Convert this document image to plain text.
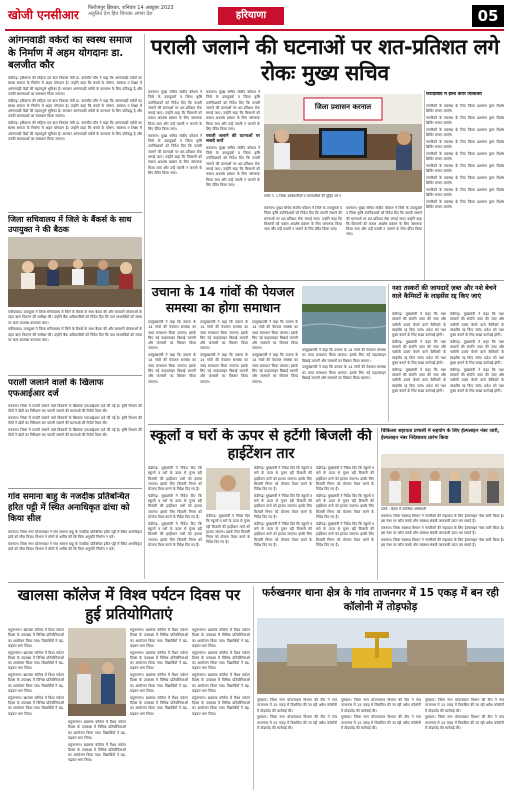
खोजी एनसीआर फिरोजपुर झिरका, शनिवार 14 अक्टूबर 2023
अतुलित देश हित चिन्तक अपना देश	हरियाणा	05
आंगनवाडी वर्करों का स्वस्थ समाज के निर्माण में अहम योगदानः डा. बलजीत कौर

चंडीगढ़। हरियाणा की महिला एवं बाल विकास मंत्री डा. बलजीत कौर ने कहा कि आंगनवाड़ी वर्करों का स्वस्थ समाज के निर्माण में अहम योगदान है। उन्होंने कहा कि बच्चों के पोषण, स्वास्थ्य व शिक्षा में आंगनवाड़ी केंद्रों की महत्वपूर्ण भूमिका है। सरकार आंगनवाड़ी वर्करों के कल्याण के लिए प्रतिबद्ध है और उनकी समस्याओं का समाधान किया जाएगा।

चंडीगढ़। हरियाणा की महिला एवं बाल विकास मंत्री डा. बलजीत कौर ने कहा कि आंगनवाड़ी वर्करों का स्वस्थ समाज के निर्माण में अहम योगदान है। उन्होंने कहा कि बच्चों के पोषण, स्वास्थ्य व शिक्षा में आंगनवाड़ी केंद्रों की महत्वपूर्ण भूमिका है। सरकार आंगनवाड़ी वर्करों के कल्याण के लिए प्रतिबद्ध है और उनकी समस्याओं का समाधान किया जाएगा।

चंडीगढ़। हरियाणा की महिला एवं बाल विकास मंत्री डा. बलजीत कौर ने कहा कि आंगनवाड़ी वर्करों का स्वस्थ समाज के निर्माण में अहम योगदान है। उन्होंने कहा कि बच्चों के पोषण, स्वास्थ्य व शिक्षा में आंगनवाड़ी केंद्रों की महत्वपूर्ण भूमिका है। सरकार आंगनवाड़ी वर्करों के कल्याण के लिए प्रतिबद्ध है और उनकी समस्याओं का समाधान किया जाएगा।

जिला सचिवालय में जिले के बैंकर्स के साथ उपायुक्त ने की बैठक

फरीदाबाद। उपायुक्त ने जिला सचिवालय में जिले के बैंकर्स के साथ बैठक की और सरकारी योजनाओं के तहत ऋण वितरण की समीक्षा की। उन्होंने बैंक अधिकारियों को निर्देश दिए कि पात्र लाभार्थियों को समय पर ऋण उपलब्ध करवाया जाए।

फरीदाबाद। उपायुक्त ने जिला सचिवालय में जिले के बैंकर्स के साथ बैठक की और सरकारी योजनाओं के तहत ऋण वितरण की समीक्षा की। उन्होंने बैंक अधिकारियों को निर्देश दिए कि पात्र लाभार्थियों को समय पर ऋण उपलब्ध करवाया जाए।

पराली जलाने वालों के खिलाफ एफआईआर दर्ज

करनाल। जिला में पराली जलाने वाले किसानों के खिलाफ एफआईआर दर्ज की गई है। कृषि विभाग की टीमों ने खेतों का निरीक्षण कर पराली जलाने की घटनाओं की रिपोर्ट तैयार की।

करनाल। जिला में पराली जलाने वाले किसानों के खिलाफ एफआईआर दर्ज की गई है। कृषि विभाग की टीमों ने खेतों का निरीक्षण कर पराली जलाने की घटनाओं की रिपोर्ट तैयार की।

करनाल। जिला में पराली जलाने वाले किसानों के खिलाफ एफआईआर दर्ज की गई है। कृषि विभाग की टीमों ने खेतों का निरीक्षण कर पराली जलाने की घटनाओं की रिपोर्ट तैयार की।

गांव समाना बाहु के नजदीक प्रतिबन्धित हरित पट्टी में स्थित अनाधिकृत ढांचा को किया सील

करनाल। जिला नगर योजनाकार ने गांव समाना बाहु के नजदीक प्रतिबंधित हरित पट्टी में स्थित अनाधिकृत ढांचे को सील किया। विभाग ने लोगों से अपील की कि बिना अनुमति निर्माण न करें।

करनाल। जिला नगर योजनाकार ने गांव समाना बाहु के नजदीक प्रतिबंधित हरित पट्टी में स्थित अनाधिकृत ढांचे को सील किया। विभाग ने लोगों से अपील की कि बिना अनुमति निर्माण न करें।

पराली जलाने की घटनाओं पर शत-प्रतिशत लगे रोकः मुख्य सचिव

करनाल। मुख्य सचिव संजीव कौशल ने जिले के उपायुक्तों व जिला कृषि उपनिदेशकों को निर्देश दिए कि पराली जलाने की घटनाओं पर शत-प्रतिशत रोक लगाई जाए। उन्होंने कहा कि किसानों को फसल अवशेष प्रबंधन के लिए जागरूक किया जाए और उन्हें पराली न जलाने के लिए प्रेरित किया जाए।

करनाल। मुख्य सचिव संजीव कौशल ने जिले के उपायुक्तों व जिला कृषि उपनिदेशकों को निर्देश दिए कि पराली जलाने की घटनाओं पर शत-प्रतिशत रोक लगाई जाए। उन्होंने कहा कि किसानों को फसल अवशेष प्रबंधन के लिए जागरूक किया जाए और उन्हें पराली न जलाने के लिए प्रेरित किया जाए।

करनाल। मुख्य सचिव संजीव कौशल ने जिले के उपायुक्तों व जिला कृषि उपनिदेशकों को निर्देश दिए कि पराली जलाने की घटनाओं पर शत-प्रतिशत रोक लगाई जाए। उन्होंने कहा कि किसानों को फसल अवशेष प्रबंधन के लिए जागरूक किया जाए और उन्हें पराली न जलाने के लिए प्रेरित किया जाए।

पराली जलाने की घटनाओं पर सख्ती बरतें

करनाल। मुख्य सचिव संजीव कौशल ने जिले के उपायुक्तों व जिला कृषि उपनिदेशकों को निर्देश दिए कि पराली जलाने की घटनाओं पर शत-प्रतिशत रोक लगाई जाए। उन्होंने कहा कि किसानों को फसल अवशेष प्रबंधन के लिए जागरूक किया जाए और उन्हें पराली न जलाने के लिए प्रेरित किया जाए।

जिला प्रशासन करनाल
फोटो न. 1 जिला अधिकारियों व कर्मचारियों की मुहिम को ग

करनाल। मुख्य सचिव संजीव कौशल ने जिले के उपायुक्तों व जिला कृषि उपनिदेशकों को निर्देश दिए कि पराली जलाने की घटनाओं पर शत-प्रतिशत रोक लगाई जाए। उन्होंने कहा कि किसानों को फसल अवशेष प्रबंधन के लिए जागरूक किया जाए और उन्हें पराली न जलाने के लिए प्रेरित किया जाए।

करनाल। मुख्य सचिव संजीव कौशल ने जिले के उपायुक्तों व जिला कृषि उपनिदेशकों को निर्देश दिए कि पराली जलाने की घटनाओं पर शत-प्रतिशत रोक लगाई जाए। उन्होंने कहा कि किसानों को फसल अवशेष प्रबंधन के लिए जागरूक किया जाए और उन्हें पराली न जलाने के लिए प्रेरित किया जाए।

फरीदाबाद में हेल्थ केयर चिकित्सा

नागरिकों के स्वास्थ्य के लिए जिला प्रशासन द्वारा विशेष शिविर लगाए जाएंगे।

नागरिकों के स्वास्थ्य के लिए जिला प्रशासन द्वारा विशेष शिविर लगाए जाएंगे।

नागरिकों के स्वास्थ्य के लिए जिला प्रशासन द्वारा विशेष शिविर लगाए जाएंगे।

नागरिकों के स्वास्थ्य के लिए जिला प्रशासन द्वारा विशेष शिविर लगाए जाएंगे।

नागरिकों के स्वास्थ्य के लिए जिला प्रशासन द्वारा विशेष शिविर लगाए जाएंगे।

नागरिकों के स्वास्थ्य के लिए जिला प्रशासन द्वारा विशेष शिविर लगाए जाएंगे।

नागरिकों के स्वास्थ्य के लिए जिला प्रशासन द्वारा विशेष शिविर लगाए जाएंगे।

नागरिकों के स्वास्थ्य के लिए जिला प्रशासन द्वारा विशेष शिविर लगाए जाएंगे।

नागरिकों के स्वास्थ्य के लिए जिला प्रशासन द्वारा विशेष शिविर लगाए जाएंगे।

उचाना के 14 गांवों की पेयजल समस्या का होगा समाधान

उपमुख्यमंत्री ने कहा कि उचाना के 14 गांवों की पेयजल समस्या का जल्द समाधान किया जाएगा। इसके लिए नई पाइपलाइन बिछाई जाएगी और जलघरों का विस्तार किया जाएगा।

उपमुख्यमंत्री ने कहा कि उचाना के 14 गांवों की पेयजल समस्या का जल्द समाधान किया जाएगा। इसके लिए नई पाइपलाइन बिछाई जाएगी और जलघरों का विस्तार किया जाएगा।

उपमुख्यमंत्री ने कहा कि उचाना के 14 गांवों की पेयजल समस्या का जल्द समाधान किया जाएगा। इसके लिए नई पाइपलाइन बिछाई जाएगी और जलघरों का विस्तार किया जाएगा।

उपमुख्यमंत्री ने कहा कि उचाना के 14 गांवों की पेयजल समस्या का जल्द समाधान किया जाएगा। इसके लिए नई पाइपलाइन बिछाई जाएगी और जलघरों का विस्तार किया जाएगा।

उपमुख्यमंत्री ने कहा कि उचाना के 14 गांवों की पेयजल समस्या का जल्द समाधान किया जाएगा। इसके लिए नई पाइपलाइन बिछाई जाएगी और जलघरों का विस्तार किया जाएगा।

उपमुख्यमंत्री ने कहा कि उचाना के 14 गांवों की पेयजल समस्या का जल्द समाधान किया जाएगा। इसके लिए नई पाइपलाइन बिछाई जाएगी और जलघरों का विस्तार किया जाएगा।

उपमुख्यमंत्री ने कहा कि उचाना के 14 गांवों की पेयजल समस्या का जल्द समाधान किया जाएगा। इसके लिए नई पाइपलाइन बिछाई जाएगी और जलघरों का विस्तार किया जाएगा।

उपमुख्यमंत्री ने कहा कि उचाना के 14 गांवों की पेयजल समस्या का जल्द समाधान किया जाएगा। इसके लिए नई पाइपलाइन बिछाई जाएगी और जलघरों का विस्तार किया जाएगा।

नशा तस्करों की जायदादें ज़ब्त और नशे बेचने वाले कैमिस्टों के लाइसेंस रद्द किए जाएं

चंडीगढ़। मुख्यमंत्री ने कहा कि नशा तस्करों की संपत्ति जब्त की जाए और नशीली दवाएं बेचने वाले कैमिस्टों के लाइसेंस रद्द किए जाएं। प्रदेश को नशा मुक्त बनाने के लिए सख्त कार्रवाई होगी।

चंडीगढ़। मुख्यमंत्री ने कहा कि नशा तस्करों की संपत्ति जब्त की जाए और नशीली दवाएं बेचने वाले कैमिस्टों के लाइसेंस रद्द किए जाएं। प्रदेश को नशा मुक्त बनाने के लिए सख्त कार्रवाई होगी।

चंडीगढ़। मुख्यमंत्री ने कहा कि नशा तस्करों की संपत्ति जब्त की जाए और नशीली दवाएं बेचने वाले कैमिस्टों के लाइसेंस रद्द किए जाएं। प्रदेश को नशा मुक्त बनाने के लिए सख्त कार्रवाई होगी।

चंडीगढ़। मुख्यमंत्री ने कहा कि नशा तस्करों की संपत्ति जब्त की जाए और नशीली दवाएं बेचने वाले कैमिस्टों के लाइसेंस रद्द किए जाएं। प्रदेश को नशा मुक्त बनाने के लिए सख्त कार्रवाई होगी।

चंडीगढ़। मुख्यमंत्री ने कहा कि नशा तस्करों की संपत्ति जब्त की जाए और नशीली दवाएं बेचने वाले कैमिस्टों के लाइसेंस रद्द किए जाएं। प्रदेश को नशा मुक्त बनाने के लिए सख्त कार्रवाई होगी।

चंडीगढ़। मुख्यमंत्री ने कहा कि नशा तस्करों की संपत्ति जब्त की जाए और नशीली दवाएं बेचने वाले कैमिस्टों के लाइसेंस रद्द किए जाएं। प्रदेश को नशा मुक्त बनाने के लिए सख्त कार्रवाई होगी।

स्कूलों व घरों के ऊपर से हटेंगी बिजली की हाईटेंशन तार

चंडीगढ़। मुख्यमंत्री ने निर्देश दिए कि स्कूलों व घरों के ऊपर से गुजर रही बिजली की हाईटेंशन तारों को हटाया जाएगा। इसके लिए बिजली निगम को योजना तैयार करने के निर्देश दिए गए हैं।

चंडीगढ़। मुख्यमंत्री ने निर्देश दिए कि स्कूलों व घरों के ऊपर से गुजर रही बिजली की हाईटेंशन तारों को हटाया जाएगा। इसके लिए बिजली निगम को योजना तैयार करने के निर्देश दिए गए हैं।

चंडीगढ़। मुख्यमंत्री ने निर्देश दिए कि स्कूलों व घरों के ऊपर से गुजर रही बिजली की हाईटेंशन तारों को हटाया जाएगा। इसके लिए बिजली निगम को योजना तैयार करने के निर्देश दिए गए हैं।

चंडीगढ़। मुख्यमंत्री ने निर्देश दिए कि स्कूलों व घरों के ऊपर से गुजर रही बिजली की हाईटेंशन तारों को हटाया जाएगा। इसके लिए बिजली निगम को योजना तैयार करने के निर्देश दिए गए हैं।

चंडीगढ़। मुख्यमंत्री ने निर्देश दिए कि स्कूलों व घरों के ऊपर से गुजर रही बिजली की हाईटेंशन तारों को हटाया जाएगा। इसके लिए बिजली निगम को योजना तैयार करने के निर्देश दिए गए हैं।

चंडीगढ़। मुख्यमंत्री ने निर्देश दिए कि स्कूलों व घरों के ऊपर से गुजर रही बिजली की हाईटेंशन तारों को हटाया जाएगा। इसके लिए बिजली निगम को योजना तैयार करने के निर्देश दिए गए हैं।

चंडीगढ़। मुख्यमंत्री ने निर्देश दिए कि स्कूलों व घरों के ऊपर से गुजर रही बिजली की हाईटेंशन तारों को हटाया जाएगा। इसके लिए बिजली निगम को योजना तैयार करने के निर्देश दिए गए हैं।

चंडीगढ़। मुख्यमंत्री ने निर्देश दिए कि स्कूलों व घरों के ऊपर से गुजर रही बिजली की हाईटेंशन तारों को हटाया जाएगा। इसके लिए बिजली निगम को योजना तैयार करने के निर्देश दिए गए हैं।

चंडीगढ़। मुख्यमंत्री ने निर्देश दिए कि स्कूलों व घरों के ऊपर से गुजर रही बिजली की हाईटेंशन तारों को हटाया जाएगा। इसके लिए बिजली निगम को योजना तैयार करने के निर्देश दिए गए हैं।

चंडीगढ़। मुख्यमंत्री ने निर्देश दिए कि स्कूलों व घरों के ऊपर से गुजर रही बिजली की हाईटेंशन तारों को हटाया जाएगा। इसके लिए बिजली निगम को योजना तैयार करने के निर्देश दिए गए हैं।

चिकित्सा सहायता प्रणाली में सहयोग के लिए हेल्पलाइन नंबर जारी, हेल्पलाइन नंबर निदेशालय प्रारंभ किया
फोटो : बैठक में उपस्थित अधिकारी

करनाल। जिला स्वास्थ्य विभाग ने नागरिकों की सहायता के लिए हेल्पलाइन नंबर जारी किया है। इस नंबर पर कॉल करके लोग स्वास्थ्य संबंधी जानकारी प्राप्त कर सकते हैं।

करनाल। जिला स्वास्थ्य विभाग ने नागरिकों की सहायता के लिए हेल्पलाइन नंबर जारी किया है। इस नंबर पर कॉल करके लोग स्वास्थ्य संबंधी जानकारी प्राप्त कर सकते हैं।

करनाल। जिला स्वास्थ्य विभाग ने नागरिकों की सहायता के लिए हेल्पलाइन नंबर जारी किया है। इस नंबर पर कॉल करके लोग स्वास्थ्य संबंधी जानकारी प्राप्त कर सकते हैं।

खालसा कॉलेज में विश्व पर्यटन दिवस पर हुई प्रतियोगिताएं

यमुनानगर। खालसा कॉलेज में विश्व पर्यटन दिवस के उपलक्ष्य में विभिन्न प्रतियोगिताओं का आयोजन किया गया। विद्यार्थियों ने बढ़-चढ़कर भाग लिया।

यमुनानगर। खालसा कॉलेज में विश्व पर्यटन दिवस के उपलक्ष्य में विभिन्न प्रतियोगिताओं का आयोजन किया गया। विद्यार्थियों ने बढ़-चढ़कर भाग लिया।

यमुनानगर। खालसा कॉलेज में विश्व पर्यटन दिवस के उपलक्ष्य में विभिन्न प्रतियोगिताओं का आयोजन किया गया। विद्यार्थियों ने बढ़-चढ़कर भाग लिया।

यमुनानगर। खालसा कॉलेज में विश्व पर्यटन दिवस के उपलक्ष्य में विभिन्न प्रतियोगिताओं का आयोजन किया गया। विद्यार्थियों ने बढ़-चढ़कर भाग लिया।

यमुनानगर। खालसा कॉलेज में विश्व पर्यटन दिवस के उपलक्ष्य में विभिन्न प्रतियोगिताओं का आयोजन किया गया। विद्यार्थियों ने बढ़-चढ़कर भाग लिया।

यमुनानगर। खालसा कॉलेज में विश्व पर्यटन दिवस के उपलक्ष्य में विभिन्न प्रतियोगिताओं का आयोजन किया गया। विद्यार्थियों ने बढ़-चढ़कर भाग लिया।

यमुनानगर। खालसा कॉलेज में विश्व पर्यटन दिवस के उपलक्ष्य में विभिन्न प्रतियोगिताओं का आयोजन किया गया। विद्यार्थियों ने बढ़-चढ़कर भाग लिया।

यमुनानगर। खालसा कॉलेज में विश्व पर्यटन दिवस के उपलक्ष्य में विभिन्न प्रतियोगिताओं का आयोजन किया गया। विद्यार्थियों ने बढ़-चढ़कर भाग लिया।

यमुनानगर। खालसा कॉलेज में विश्व पर्यटन दिवस के उपलक्ष्य में विभिन्न प्रतियोगिताओं का आयोजन किया गया। विद्यार्थियों ने बढ़-चढ़कर भाग लिया।

यमुनानगर। खालसा कॉलेज में विश्व पर्यटन दिवस के उपलक्ष्य में विभिन्न प्रतियोगिताओं का आयोजन किया गया। विद्यार्थियों ने बढ़-चढ़कर भाग लिया।

यमुनानगर। खालसा कॉलेज में विश्व पर्यटन दिवस के उपलक्ष्य में विभिन्न प्रतियोगिताओं का आयोजन किया गया। विद्यार्थियों ने बढ़-चढ़कर भाग लिया।

यमुनानगर। खालसा कॉलेज में विश्व पर्यटन दिवस के उपलक्ष्य में विभिन्न प्रतियोगिताओं का आयोजन किया गया। विद्यार्थियों ने बढ़-चढ़कर भाग लिया।

यमुनानगर। खालसा कॉलेज में विश्व पर्यटन दिवस के उपलक्ष्य में विभिन्न प्रतियोगिताओं का आयोजन किया गया। विद्यार्थियों ने बढ़-चढ़कर भाग लिया।

यमुनानगर। खालसा कॉलेज में विश्व पर्यटन दिवस के उपलक्ष्य में विभिन्न प्रतियोगिताओं का आयोजन किया गया। विद्यार्थियों ने बढ़-चढ़कर भाग लिया।

फर्रुखनगर थाना क्षेत्र के गांव ताजनगर में 15 एकड़ में बन रही कॉलोनी में तोड़फोड़

गुरुग्राम। जिला नगर योजनाकार विभाग की टीम ने गांव ताजनगर में 15 एकड़ में विकसित की जा रही अवैध कॉलोनी में तोड़फोड़ की कार्रवाई की।

गुरुग्राम। जिला नगर योजनाकार विभाग की टीम ने गांव ताजनगर में 15 एकड़ में विकसित की जा रही अवैध कॉलोनी में तोड़फोड़ की कार्रवाई की।

गुरुग्राम। जिला नगर योजनाकार विभाग की टीम ने गांव ताजनगर में 15 एकड़ में विकसित की जा रही अवैध कॉलोनी में तोड़फोड़ की कार्रवाई की।

गुरुग्राम। जिला नगर योजनाकार विभाग की टीम ने गांव ताजनगर में 15 एकड़ में विकसित की जा रही अवैध कॉलोनी में तोड़फोड़ की कार्रवाई की।

गुरुग्राम। जिला नगर योजनाकार विभाग की टीम ने गांव ताजनगर में 15 एकड़ में विकसित की जा रही अवैध कॉलोनी में तोड़फोड़ की कार्रवाई की।

गुरुग्राम। जिला नगर योजनाकार विभाग की टीम ने गांव ताजनगर में 15 एकड़ में विकसित की जा रही अवैध कॉलोनी में तोड़फोड़ की कार्रवाई की।
